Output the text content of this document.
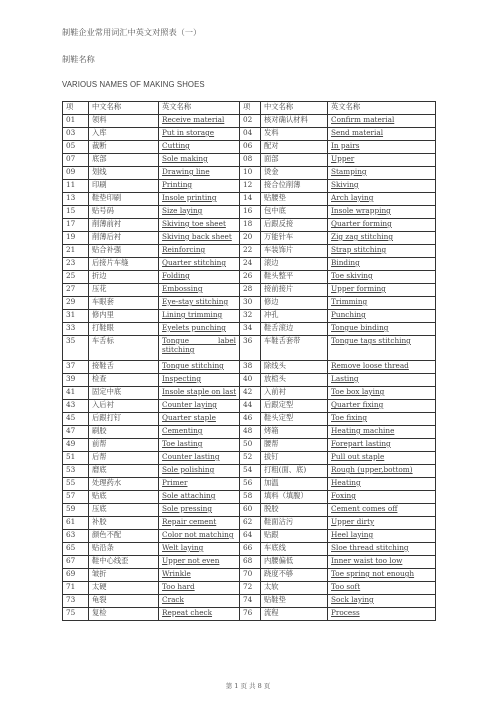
制鞋企业常用词汇中英文对照表（一）
制鞋名称
VARIOUS NAMES OF MAKING SHOES
项	中文名称	英文名称	项	中文名称	英文名称
01	领料	Receive material	02	核对确认材料	Confirm material
03	入库	Put in storage	04	发料	Send material
05	裁断	Cutting	06	配对	In pairs
07	底部	Sole making	08	面部	Upper
09	划线	Drawing line	10	烫金	Stamping
11	印刷	Printing	12	接合位削薄	Skiving
13	鞋垫印刷	Insole printing	14	贴腰垫	Arch laying
15	贴号码	Size laying	16	包中底	Insole wrapping
17	削薄前衬	Skiving toe sheet	18	后跟反接	Quarter forming
19	削薄后衬	Skiving back sheet	20	万能针车	Zig zag stitching
21	贴合补强	Reinforcing	22	车装饰片	Strap stitching
23	后接片车缝	Quarter stitching	24	滚边	Binding
25	折边	Folding	26	鞋头整平	Toe skiving
27	压花	Embossing	28	接前接片	Upper forming
29	车眼套	Eye-stay stitching	30	修边	Trimming
31	修内里	Lining trimming	32	冲孔	Punching
33	打鞋眼	Eyelets punching	34	鞋舌滚边	Tongue binding
35	车舌标	Tongue label stitching	36	车鞋舌套带	Tongue tags stitching
37	接鞋舌	Tongue stitching	38	除线头	Remove loose thread
39	检查	Inspecting	40	放楦头	Lasting
41	固定中底	Insole staple on last	42	入前衬	Toe box laying
43	入后衬	Counter laying	44	后跟定型	Quarter fixing
45	后跟打钉	Quarter staple	46	鞋头定型	Toe fixing
47	刷胶	Cementing	48	烤箱	Heating machine
49	前帮	Toe lasting	50	腰帮	Forepart lasting
51	后帮	Counter lasting	52	拔钉	Pull out staple
53	磨底	Sole polishing	54	打粗(面、底)	Rough (upper,bottom)
55	处理药水	Primer	56	加温	Heating
57	贴底	Sole attaching	58	填料（填腹）	Foxing
59	压底	Sole pressing	60	脱胶	Cement comes off
61	补胶	Repair cement	62	鞋面沾污	Upper dirty
63	颜色不配	Color not matching	64	贴跟	Heel laying
65	贴沿条	Welt laying	66	车底线	Sloe thread stitching
67	鞋中心线歪	Upper not even	68	内腰偏低	Inner waist too low
69	皱折	Wrinkle	70	跷度不够	Toe spring not enough
71	太硬	Too hard	72	太软	Too soft
73	龟裂	Crack	74	贴鞋垫	Sock laying
75	复检	Repeat check	76	流程	Process
第 1 页 共 8 页
